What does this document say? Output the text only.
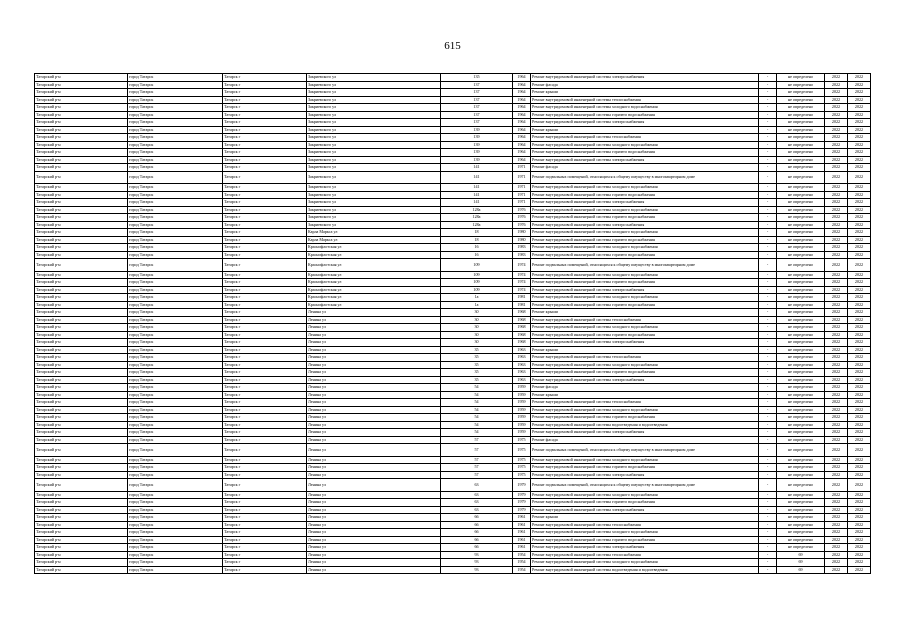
615
Татарский р-н	город Татарск	Татарск г	Закриевского ул	135	1964	Ремонт внутридомовой инженерной системы электроснабжения	-	не определено	2022	2022
Татарский р-н	город Татарск	Татарск г	Закриевского ул	137	1964	Ремонт фасада	-	не определено	2022	2022
Татарский р-н	город Татарск	Татарск г	Закриевского ул	137	1964	Ремонт крыши	-	не определено	2022	2022
Татарский р-н	город Татарск	Татарск г	Закриевского ул	137	1964	Ремонт внутридомовой инженерной системы теплоснабжения	-	не определено	2022	2022
Татарский р-н	город Татарск	Татарск г	Закриевского ул	137	1964	Ремонт внутридомовой инженерной системы холодного водоснабжения	-	не определено	2022	2022
Татарский р-н	город Татарск	Татарск г	Закриевского ул	137	1964	Ремонт внутридомовой инженерной системы горячего водоснабжения	-	не определено	2022	2022
Татарский р-н	город Татарск	Татарск г	Закриевского ул	137	1964	Ремонт внутридомовой инженерной системы электроснабжения	-	не определено	2022	2022
Татарский р-н	город Татарск	Татарск г	Закриевского ул	139	1964	Ремонт крыши	-	не определено	2022	2022
Татарский р-н	город Татарск	Татарск г	Закриевского ул	139	1964	Ремонт внутридомовой инженерной системы теплоснабжения	-	не определено	2022	2022
Татарский р-н	город Татарск	Татарск г	Закриевского ул	139	1964	Ремонт внутридомовой инженерной системы холодного водоснабжения	-	не определено	2022	2022
Татарский р-н	город Татарск	Татарск г	Закриевского ул	139	1964	Ремонт внутридомовой инженерной системы горячего водоснабжения	-	не определено	2022	2022
Татарский р-н	город Татарск	Татарск г	Закриевского ул	139	1964	Ремонт внутридомовой инженерной системы электроснабжения	-	не определено	2022	2022
Татарский р-н	город Татарск	Татарск г	Закриевского ул	141	1971	Ремонт фасада	-	не определено	2022	2022
Татарский р-н	город Татарск	Татарск г	Закриевского ул	141	1971	Ремонт подвальных помещений, относящихся к общему имуществу в многоквартирном доме	-	не определено	2022	2022
Татарский р-н	город Татарск	Татарск г	Закриевского ул	141	1971	Ремонт внутридомовой инженерной системы холодного водоснабжения	-	не определено	2022	2022
Татарский р-н	город Татарск	Татарск г	Закриевского ул	141	1971	Ремонт внутридомовой инженерной системы горячего водоснабжения	-	не определено	2022	2022
Татарский р-н	город Татарск	Татарск г	Закриевского ул	141	1971	Ремонт внутридомовой инженерной системы электроснабжения	-	не определено	2022	2022
Татарский р-н	город Татарск	Татарск г	Закриевского ул	128а	1976	Ремонт внутридомовой инженерной системы холодного водоснабжения	-	не определено	2022	2022
Татарский р-н	город Татарск	Татарск г	Закриевского ул	128а	1976	Ремонт внутридомовой инженерной системы горячего водоснабжения	-	не определено	2022	2022
Татарский р-н	город Татарск	Татарск г	Закриевского ул	128а	1976	Ремонт внутридомовой инженерной системы электроснабжения	-	не определено	2022	2022
Татарский р-н	город Татарск	Татарск г	Карла Маркса ул	18	1980	Ремонт внутридомовой инженерной системы холодного водоснабжения	-	не определено	2022	2022
Татарский р-н	город Татарск	Татарск г	Карла Маркса ул	18	1980	Ремонт внутридомовой инженерной системы горячего водоснабжения	-	не определено	2022	2022
Татарский р-н	город Татарск	Татарск г	Краснофлотская ул	16	1983	Ремонт внутридомовой инженерной системы холодного водоснабжения	-	не определено	2022	2022
Татарский р-н	город Татарск	Татарск г	Краснофлотская ул	16	1983	Ремонт внутридомовой инженерной системы горячего водоснабжения	-	не определено	2022	2022
Татарский р-н	город Татарск	Татарск г	Краснофлотская ул	109	1974	Ремонт подвальных помещений, относящихся к общему имуществу в многоквартирном доме	-	не определено	2022	2022
Татарский р-н	город Татарск	Татарск г	Краснофлотская ул	109	1974	Ремонт внутридомовой инженерной системы холодного водоснабжения	-	не определено	2022	2022
Татарский р-н	город Татарск	Татарск г	Краснофлотская ул	109	1974	Ремонт внутридомовой инженерной системы горячего водоснабжения	-	не определено	2022	2022
Татарский р-н	город Татарск	Татарск г	Краснофлотская ул	109	1974	Ремонт внутридомовой инженерной системы электроснабжения	-	не определено	2022	2022
Татарский р-н	город Татарск	Татарск г	Краснофлотская ул	1а	1981	Ремонт внутридомовой инженерной системы холодного водоснабжения	-	не определено	2022	2022
Татарский р-н	город Татарск	Татарск г	Краснофлотская ул	1а	1981	Ремонт внутридомовой инженерной системы горячего водоснабжения	-	не определено	2022	2022
Татарский р-н	город Татарск	Татарск г	Ленина ул	30	1968	Ремонт крыши	-	не определено	2022	2022
Татарский р-н	город Татарск	Татарск г	Ленина ул	30	1968	Ремонт внутридомовой инженерной системы теплоснабжения	-	не определено	2022	2022
Татарский р-н	город Татарск	Татарск г	Ленина ул	30	1968	Ремонт внутридомовой инженерной системы холодного водоснабжения	-	не определено	2022	2022
Татарский р-н	город Татарск	Татарск г	Ленина ул	30	1968	Ремонт внутридомовой инженерной системы горячего водоснабжения	-	не определено	2022	2022
Татарский р-н	город Татарск	Татарск г	Ленина ул	30	1968	Ремонт внутридомовой инженерной системы электроснабжения	-	не определено	2022	2022
Татарский р-н	город Татарск	Татарск г	Ленина ул	35	1963	Ремонт крыши	-	не определено	2022	2022
Татарский р-н	город Татарск	Татарск г	Ленина ул	35	1963	Ремонт внутридомовой инженерной системы теплоснабжения	-	не определено	2022	2022
Татарский р-н	город Татарск	Татарск г	Ленина ул	35	1963	Ремонт внутридомовой инженерной системы холодного водоснабжения	-	не определено	2022	2022
Татарский р-н	город Татарск	Татарск г	Ленина ул	35	1963	Ремонт внутридомовой инженерной системы горячего водоснабжения	-	не определено	2022	2022
Татарский р-н	город Татарск	Татарск г	Ленина ул	35	1963	Ремонт внутридомовой инженерной системы электроснабжения	-	не определено	2022	2022
Татарский р-н	город Татарск	Татарск г	Ленина ул	54	1959	Ремонт фасада	-	не определено	2022	2022
Татарский р-н	город Татарск	Татарск г	Ленина ул	54	1959	Ремонт крыши	-	не определено	2022	2022
Татарский р-н	город Татарск	Татарск г	Ленина ул	54	1959	Ремонт внутридомовой инженерной системы теплоснабжения	-	не определено	2022	2022
Татарский р-н	город Татарск	Татарск г	Ленина ул	54	1959	Ремонт внутридомовой инженерной системы холодного водоснабжения	-	не определено	2022	2022
Татарский р-н	город Татарск	Татарск г	Ленина ул	54	1959	Ремонт внутридомовой инженерной системы горячего водоснабжения	-	не определено	2022	2022
Татарский р-н	город Татарск	Татарск г	Ленина ул	54	1959	Ремонт внутридомовой инженерной системы водоотведения и водоотведения	-	не определено	2022	2022
Татарский р-н	город Татарск	Татарск г	Ленина ул	54	1959	Ремонт внутридомовой инженерной системы электроснабжения	-	не определено	2022	2022
Татарский р-н	город Татарск	Татарск г	Ленина ул	57	1975	Ремонт фасада	-	не определено	2022	2022
Татарский р-н	город Татарск	Татарск г	Ленина ул	57	1975	Ремонт подвальных помещений, относящихся к общему имуществу в многоквартирном доме	-	не определено	2022	2022
Татарский р-н	город Татарск	Татарск г	Ленина ул	57	1975	Ремонт внутридомовой инженерной системы холодного водоснабжения	-	не определено	2022	2022
Татарский р-н	город Татарск	Татарск г	Ленина ул	57	1975	Ремонт внутридомовой инженерной системы горячего водоснабжения	-	не определено	2022	2022
Татарский р-н	город Татарск	Татарск г	Ленина ул	57	1975	Ремонт внутридомовой инженерной системы электроснабжения	-	не определено	2022	2022
Татарский р-н	город Татарск	Татарск г	Ленина ул	63	1979	Ремонт подвальных помещений, относящихся к общему имуществу в многоквартирном доме	-	не определено	2022	2022
Татарский р-н	город Татарск	Татарск г	Ленина ул	63	1979	Ремонт внутридомовой инженерной системы холодного водоснабжения	-	не определено	2022	2022
Татарский р-н	город Татарск	Татарск г	Ленина ул	63	1979	Ремонт внутридомовой инженерной системы горячего водоснабжения	-	не определено	2022	2022
Татарский р-н	город Татарск	Татарск г	Ленина ул	63	1979	Ремонт внутридомовой инженерной системы электроснабжения	-	не определено	2022	2022
Татарский р-н	город Татарск	Татарск г	Ленина ул	66	1961	Ремонт крыши	-	не определено	2022	2022
Татарский р-н	город Татарск	Татарск г	Ленина ул	66	1961	Ремонт внутридомовой инженерной системы теплоснабжения	-	не определено	2022	2022
Татарский р-н	город Татарск	Татарск г	Ленина ул	66	1961	Ремонт внутридомовой инженерной системы холодного водоснабжения	-	не определено	2022	2022
Татарский р-н	город Татарск	Татарск г	Ленина ул	66	1961	Ремонт внутридомовой инженерной системы горячего водоснабжения	-	не определено	2022	2022
Татарский р-н	город Татарск	Татарск г	Ленина ул	66	1961	Ремонт внутридомовой инженерной системы электроснабжения	-	не определено	2022	2022
Татарский р-н	город Татарск	Татарск г	Ленина ул	93	1954	Ремонт внутридомовой инженерной системы теплоснабжения	-	69	2022	2022
Татарский р-н	город Татарск	Татарск г	Ленина ул	93	1954	Ремонт внутридомовой инженерной системы холодного водоснабжения	-	69	2022	2022
Татарский р-н	город Татарск	Татарск г	Ленина ул	93	1954	Ремонт внутридомовой инженерной системы водоотведения и водоотведения	-	69	2022	2022
